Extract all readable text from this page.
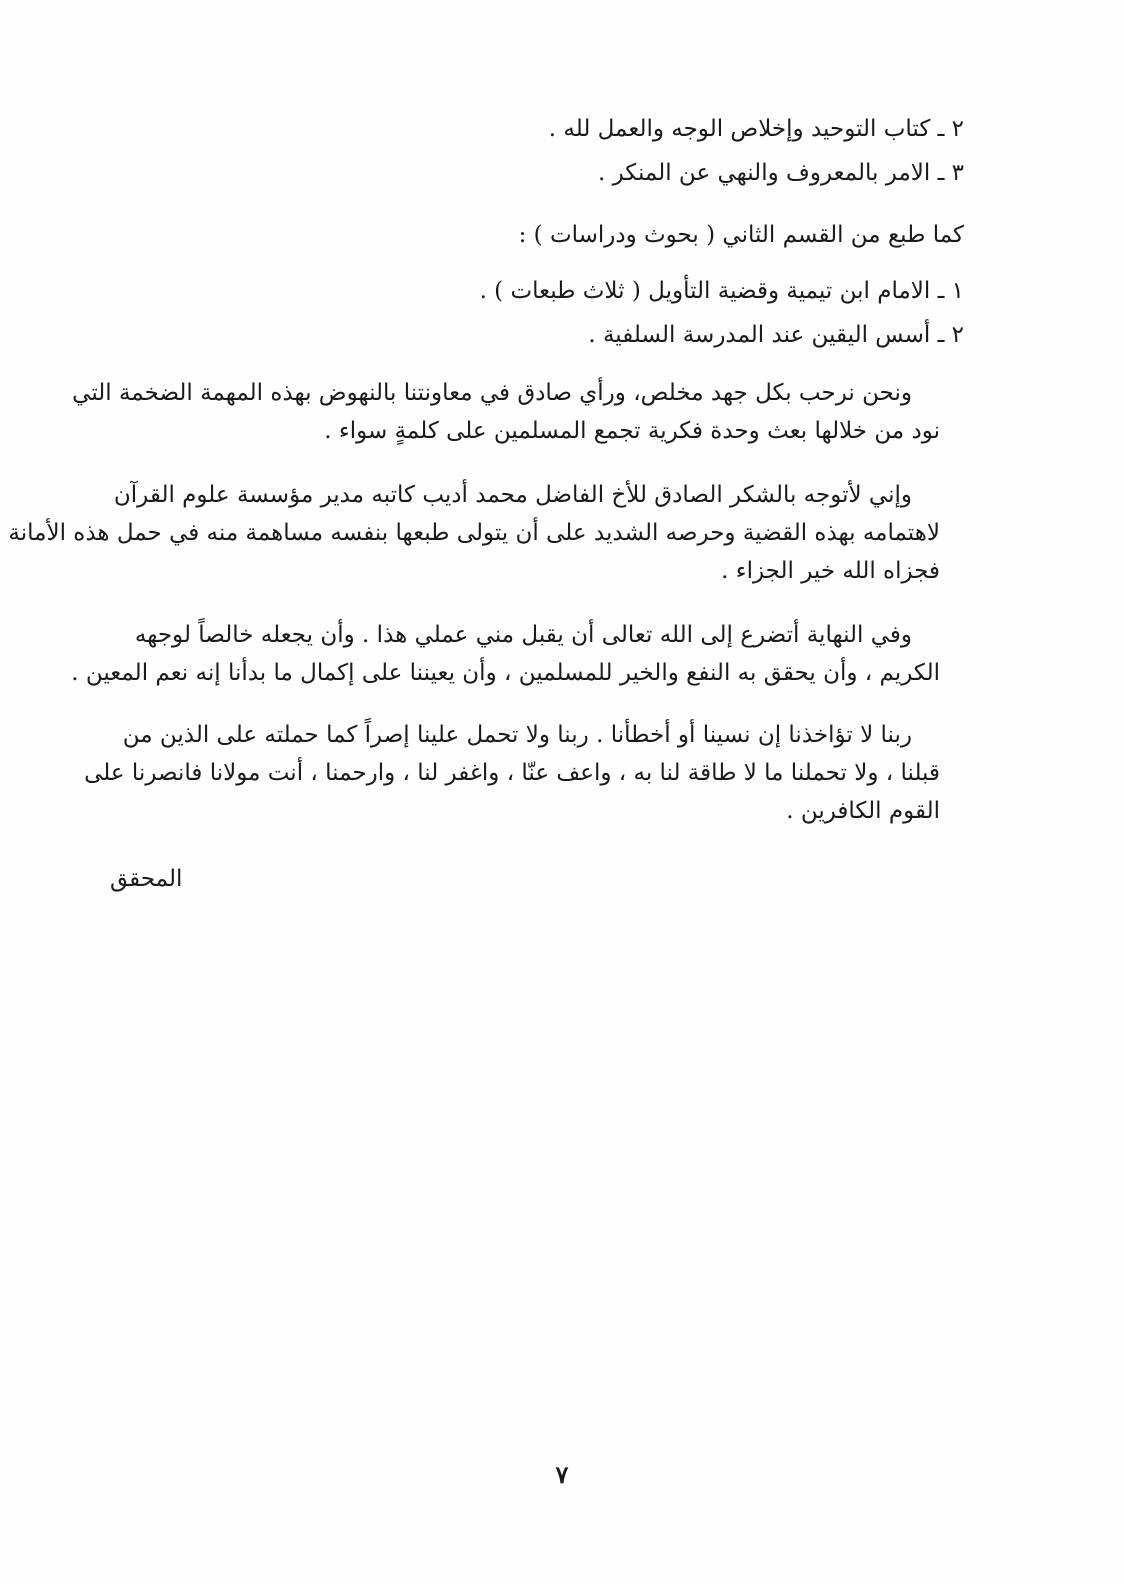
٢ ـ كتاب التوحيد وإخلاص الوجه والعمل لله .
٣ ـ الامر بالمعروف والنهي عن المنكر .
كما طبع من القسم الثاني ( بحوث ودراسات ) :
١ ـ الامام ابن تيمية وقضية التأويل ( ثلاث طبعات ) .
٢ ـ أسس اليقين عند المدرسة السلفية .
ونحن نرحب بكل جهد مخلص، ورأي صادق في معاونتنا بالنهوض بهذه المهمة الضخمة التي
نود من خلالها بعث وحدة فكرية تجمع المسلمين على كلمةٍ سواء .
وإني لأتوجه بالشكر الصادق للأخ الفاضل محمد أديب كاتبه مدير مؤسسة علوم القرآن
لاهتمامه بهذه القضية وحرصه الشديد على أن يتولى طبعها بنفسه مساهمة منه في حمل هذه الأمانة
فجزاه الله خير الجزاء .
وفي النهاية أتضرع إلى الله تعالى أن يقبل مني عملي هذا . وأن يجعله خالصاً لوجهه
الكريم ، وأن يحقق به النفع والخير للمسلمين ، وأن يعيننا على إكمال ما بدأنا إنه نعم المعين .
ربنا لا تؤاخذنا إن نسينا أو أخطأنا . ربنا ولا تحمل علينا إصراً كما حملته على الذين من
قبلنا ، ولا تحملنا ما لا طاقة لنا به ، واعف عنّا ، واغفر لنا ، وارحمنا ، أنت مولانا فانصرنا على
القوم الكافرين .
المحقق
٧
